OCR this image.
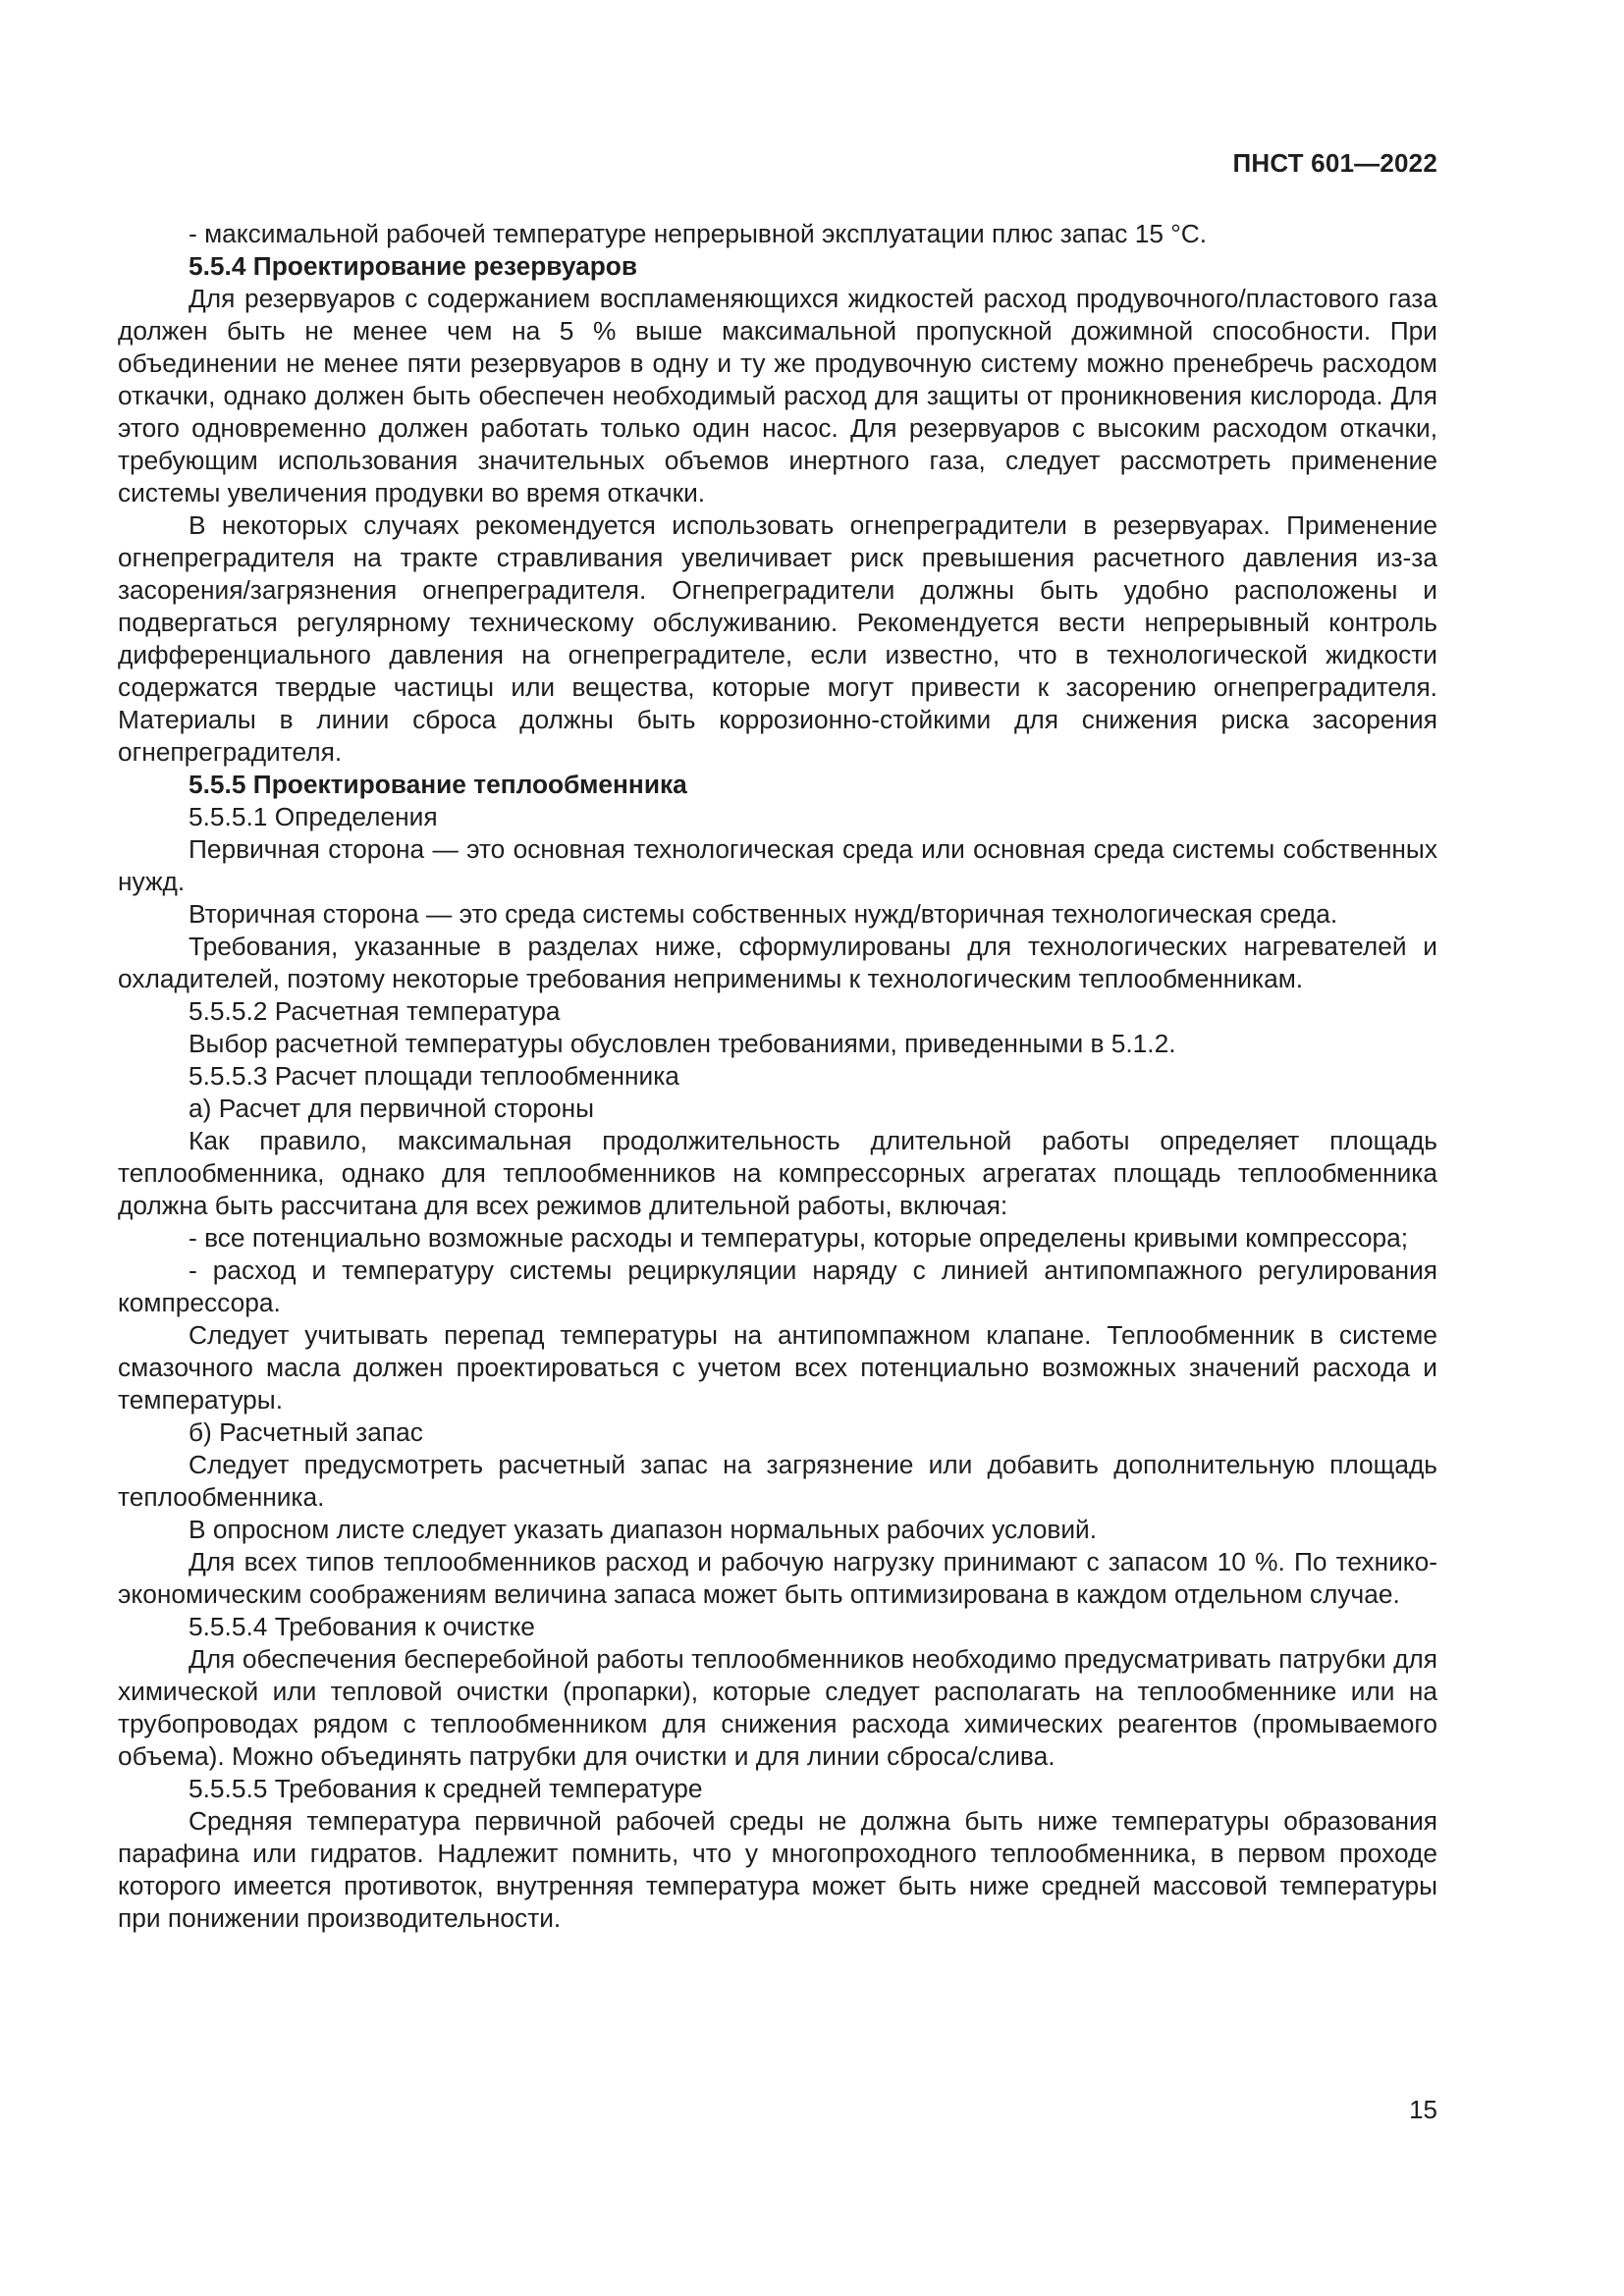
ПНСТ 601—2022

- максимальной рабочей температуре непрерывной эксплуатации плюс запас 15 °С.

5.5.4 Проектирование резервуаров

Для резервуаров с содержанием воспламеняющихся жидкостей расход продувочного/пластового газа должен быть не менее чем на 5 % выше максимальной пропускной дожимной способности. При объединении не менее пяти резервуаров в одну и ту же продувочную систему можно пренебречь расходом откачки, однако должен быть обеспечен необходимый расход для защиты от проникновения кислорода. Для этого одновременно должен работать только один насос. Для резервуаров с высоким расходом откачки, требующим использования значительных объемов инертного газа, следует рассмотреть применение системы увеличения продувки во время откачки.

В некоторых случаях рекомендуется использовать огнепреградители в резервуарах. Применение огнепреградителя на тракте стравливания увеличивает риск превышения расчетного давления из-за засорения/загрязнения огнепреградителя. Огнепреградители должны быть удобно расположены и подвергаться регулярному техническому обслуживанию. Рекомендуется вести непрерывный контроль дифференциального давления на огнепреградителе, если известно, что в технологической жидкости содержатся твердые частицы или вещества, которые могут привести к засорению огнепреградителя. Материалы в линии сброса должны быть коррозионно-стойкими для снижения риска засорения огнепреградителя.

5.5.5 Проектирование теплообменника

5.5.5.1 Определения

Первичная сторона — это основная технологическая среда или основная среда системы собственных нужд.

Вторичная сторона — это среда системы собственных нужд/вторичная технологическая среда.

Требования, указанные в разделах ниже, сформулированы для технологических нагревателей и охладителей, поэтому некоторые требования неприменимы к технологическим теплообменникам.

5.5.5.2 Расчетная температура

Выбор расчетной температуры обусловлен требованиями, приведенными в 5.1.2.

5.5.5.3 Расчет площади теплообменника

а) Расчет для первичной стороны

Как правило, максимальная продолжительность длительной работы определяет площадь теплообменника, однако для теплообменников на компрессорных агрегатах площадь теплообменника должна быть рассчитана для всех режимов длительной работы, включая:

- все потенциально возможные расходы и температуры, которые определены кривыми компрессора;

- расход и температуру системы рециркуляции наряду с линией антипомпажного регулирования компрессора.

Следует учитывать перепад температуры на антипомпажном клапане. Теплообменник в системе смазочного масла должен проектироваться с учетом всех потенциально возможных значений расхода и температуры.

б) Расчетный запас

Следует предусмотреть расчетный запас на загрязнение или добавить дополнительную площадь теплообменника.

В опросном листе следует указать диапазон нормальных рабочих условий.

Для всех типов теплообменников расход и рабочую нагрузку принимают с запасом 10 %. По технико-экономическим соображениям величина запаса может быть оптимизирована в каждом отдельном случае.

5.5.5.4 Требования к очистке

Для обеспечения бесперебойной работы теплообменников необходимо предусматривать патрубки для химической или тепловой очистки (пропарки), которые следует располагать на теплообменнике или на трубопроводах рядом с теплообменником для снижения расхода химических реагентов (промываемого объема). Можно объединять патрубки для очистки и для линии сброса/слива.

5.5.5.5 Требования к средней температуре

Средняя температура первичной рабочей среды не должна быть ниже температуры образования парафина или гидратов. Надлежит помнить, что у многопроходного теплообменника, в первом проходе которого имеется противоток, внутренняя температура может быть ниже средней массовой температуры при понижении производительности.

15
